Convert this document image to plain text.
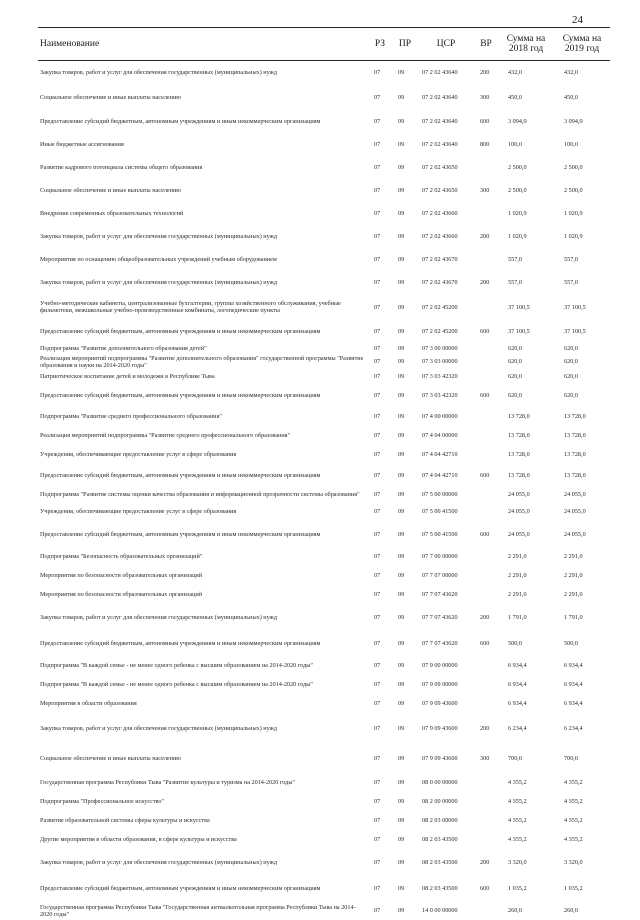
24
Наименование	РЗ	ПР	ЦСР	ВР	Сумма на 2018 год	Сумма на 2019 год
Закупка товаров, работ и услуг для обеспечения государственных (муниципальных) нужд	07	09	07 2 02 43640	200	432,0	432,0
Социальное обеспечение и иные выплаты населению	07	09	07 2 02 43640	300	450,0	450,0
Предоставление субсидий бюджетным, автономным учреждениям и иным некоммерческим организациям	07	09	07 2 02 43640	600	3 094,0	3 094,0
Иные бюджетные ассигнования	07	09	07 2 02 43640	800	100,0	100,0
Развитие кадрового потенциала системы общего образования	07	09	07 2 02 43650		2 500,0	2 500,0
Социальное обеспечение и иные выплаты населению	07	09	07 2 02 43650	300	2 500,0	2 500,0
Внедрение современных образовательных технологий	07	09	07 2 02 43660		1 020,9	1 020,9
Закупка товаров, работ и услуг для обеспечения государственных (муниципальных) нужд	07	09	07 2 02 43660	200	1 020,9	1 020,9
Мероприятия по оснащению общеобразовательных учреждений учебным оборудованием	07	09	07 2 02 43670		557,0	557,0
Закупка товаров, работ и услуг для обеспечения государственных (муниципальных) нужд	07	09	07 2 02 43670	200	557,0	557,0
Учебно-методические кабинеты, централизованные бухгалтерии, группы хозяйственного обслуживания, учебные фильмотеки, межшкольные учебно-производственные комбинаты, логопедические пункты	07	09	07 2 02 45200		37 100,5	37 100,5
Предоставление субсидий бюджетным, автономным учреждениям и иным некоммерческим организациям	07	09	07 2 02 45200	600	37 100,5	37 100,5
Подпрограмма "Развитие дополнительного образования детей"	07	09	07 3 00 00000		620,0	620,0
Реализация мероприятий подпрограммы "Развитие дополнительного образования" государственной программы "Развитие образования и науки на 2014-2020 годы"	07	09	07 3 03 00000		620,0	620,0
Патриотическое воспитание детей и молодежи в Республике Тыва	07	09	07 3 03 42320		620,0	620,0
Предоставление субсидий бюджетным, автономным учреждениям и иным некоммерческим организациям	07	09	07 3 03 42320	600	620,0	620,0
Подпрограмма "Развитие среднего профессионального образования"	07	09	07 4 00 00000		13 728,0	13 728,0
Реализация мероприятий подпрограммы "Развитие среднего профессионального образования"	07	09	07 4 04 00000		13 728,0	13 728,0
Учреждения, обеспечивающие предоставление услуг в сфере образования	07	09	07 4 04 42710		13 728,0	13 728,0
Предоставление субсидий бюджетным, автономным учреждениям и иным некоммерческим организациям	07	09	07 4 04 42710	600	13 728,0	13 728,0
Подпрограмма "Развитие системы оценки качества образования и информационной прозрачности системы образования"	07	09	07 5 00 00000		24 055,0	24 055,0
Учреждения, обеспечивающие предоставление услуг в сфере образования	07	09	07 5 00 41500		24 055,0	24 055,0
Предоставление субсидий бюджетным, автономным учреждениям и иным некоммерческим организациям	07	09	07 5 00 41500	600	24 055,0	24 055,0
Подпрограмма "Безопасность образовательных организаций"	07	09	07 7 00 00000		2 291,0	2 291,0
Мероприятия по безопасности образовательных организаций	07	09	07 7 07 00000		2 291,0	2 291,0
Мероприятия по безопасности образовательных организаций	07	09	07 7 07 43620		2 291,0	2 291,0
Закупка товаров, работ и услуг для обеспечения государственных (муниципальных) нужд	07	09	07 7 07 43620	200	1 791,0	1 791,0
Предоставление субсидий бюджетным, автономным учреждениям и иным некоммерческим организациям	07	09	07 7 07 43620	600	500,0	500,0
Подпрограмма "В каждой семье - не менее одного ребенка с высшим образованием на 2014-2020 годы"	07	09	07 9 00 00000		6 934,4	6 934,4
Подпрограмма "В каждой семье - не менее одного ребенка с высшим образованием на 2014-2020 годы"	07	09	07 9 09 00000		6 934,4	6 934,4
Мероприятия в области образования	07	09	07 9 09 43600		6 934,4	6 934,4
Закупка товаров, работ и услуг для обеспечения государственных (муниципальных) нужд	07	09	07 9 09 43600	200	6 234,4	6 234,4
Социальное обеспечение и иные выплаты населению	07	09	07 9 09 43600	300	700,0	700,0
Государственная программа Республики Тыва "Развитие культуры и туризма на 2014-2020 годы"	07	09	08 0 00 00000		4 355,2	4 355,2
Подпрограмма "Профессиональное искусство"	07	09	08 2 00 00000		4 355,2	4 355,2
Развитие образовательной системы сферы культуры и искусства	07	09	08 2 03 00000		4 355,2	4 355,2
Другие мероприятия в области образования, в сфере культуры и искусства	07	09	08 2 03 43500		4 355,2	4 355,2
Закупка товаров, работ и услуг для обеспечения государственных (муниципальных) нужд	07	09	08 2 03 43500	200	3 320,0	3 320,0
Предоставление субсидий бюджетным, автономным учреждениям и иным некоммерческим организациям	07	09	08 2 03 43500	600	1 035,2	1 035,2
Государственная программа Республики Тыва "Государственная антиалкогольная программа Республики Тыва на 2014-2020 годы"	07	09	14 0 00 00000		260,0	260,0
